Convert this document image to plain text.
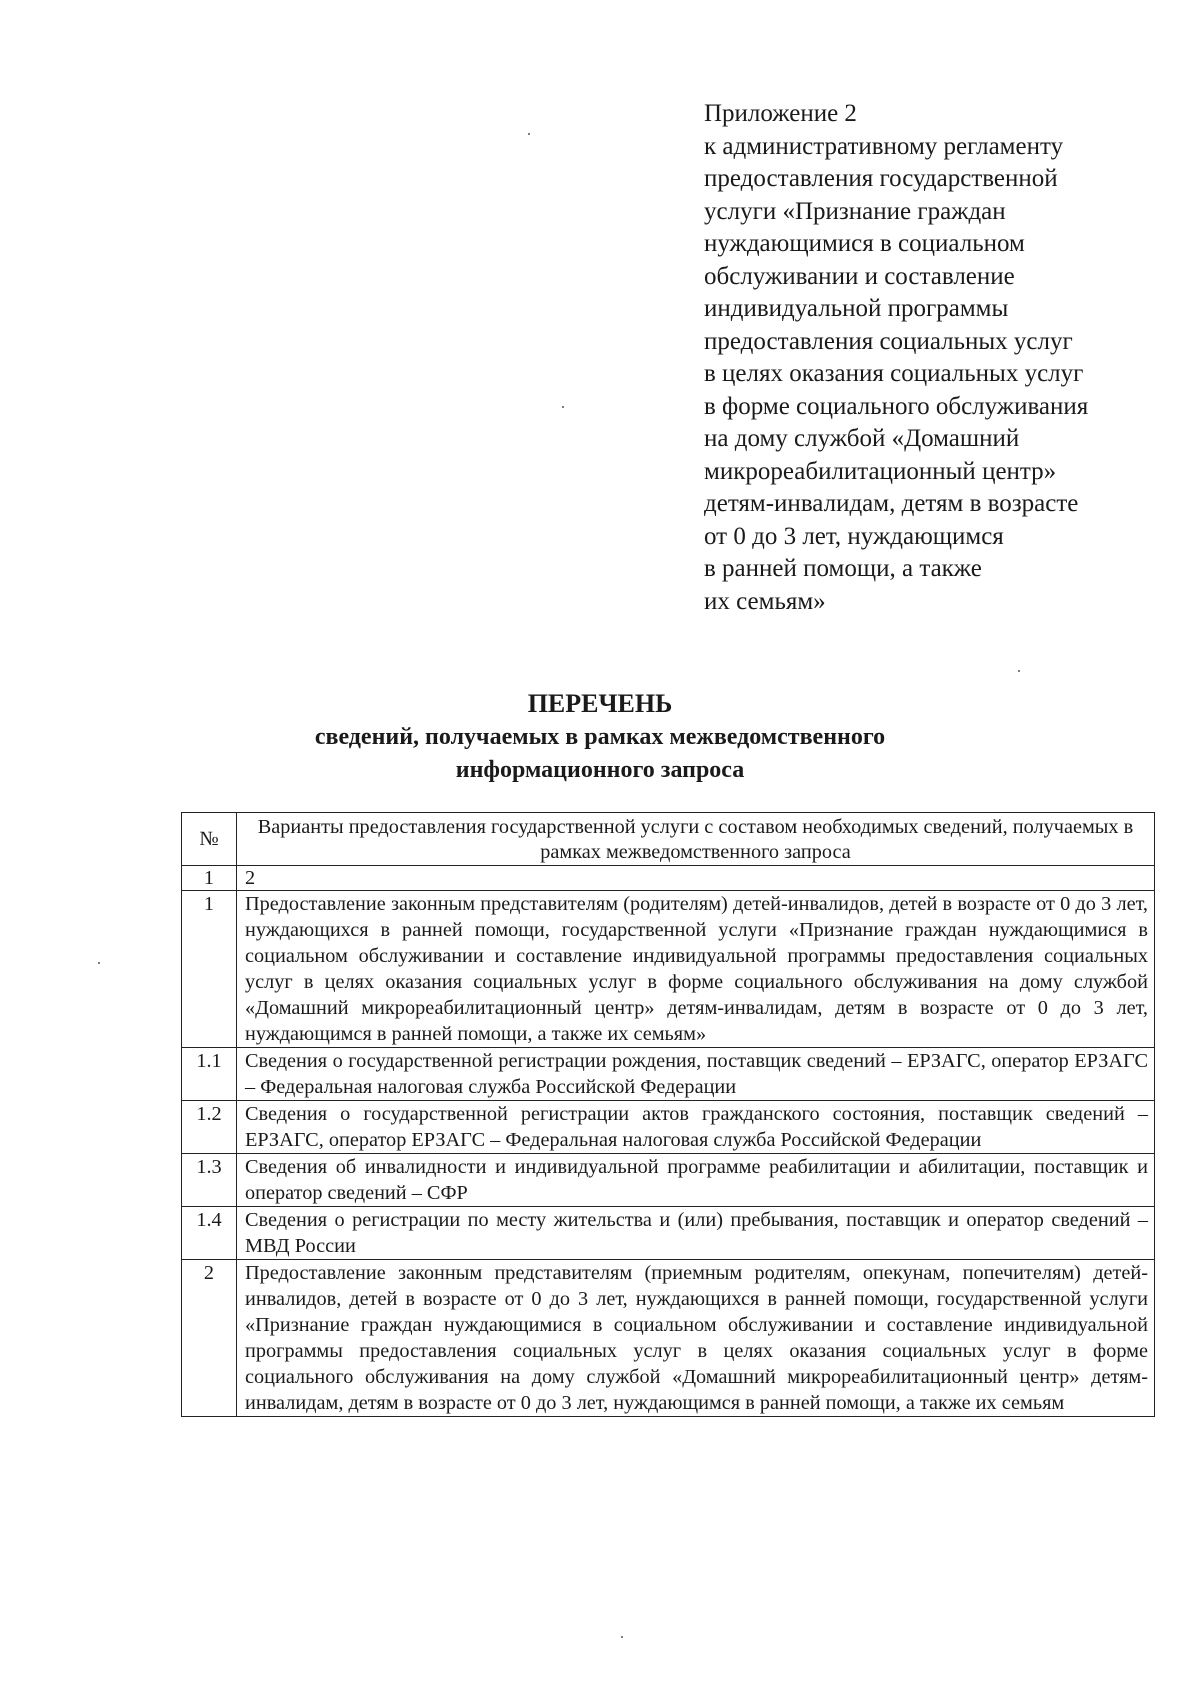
Приложение 2
к административному регламенту
предоставления государственной
услуги «Признание граждан
нуждающимися в социальном
обслуживании и составление
индивидуальной программы
предоставления социальных услуг
в целях оказания социальных услуг
в форме социального обслуживания
на дому службой «Домашний
микрореабилитационный центр»
детям-инвалидам, детям в возрасте
от 0 до 3 лет, нуждающимся
в ранней помощи, а также
их семьям»
ПЕРЕЧЕНЬ
сведений, получаемых в рамках межведомственного
информационного запроса
№	Варианты предоставления государственной услуги с составом необходимых сведений, получаемых в рамках межведомственного запроса
1	2
1	Предоставление законным представителям (родителям) детей-инвалидов, детей в возрасте от 0 до 3 лет, нуждающихся в ранней помощи, государственной услуги «Признание граждан нуждающимися в социальном обслуживании и составление индивидуальной программы предоставления социальных услуг в целях оказания социальных услуг в форме социального обслуживания на дому службой «Домашний микрореабилитационный центр» детям-инвалидам, детям в возрасте от 0 до 3 лет, нуждающимся в ранней помощи, а также их семьям»
1.1	Сведения о государственной регистрации рождения, поставщик сведений – ЕРЗАГС, оператор ЕРЗАГС – Федеральная налоговая служба Российской Федерации
1.2	Сведения о государственной регистрации актов гражданского состояния, поставщик сведений – ЕРЗАГС, оператор ЕРЗАГС – Федеральная налоговая служба Российской Федерации
1.3	Сведения об инвалидности и индивидуальной программе реабилитации и абилитации, поставщик и оператор сведений – СФР
1.4	Сведения о регистрации по месту жительства и (или) пребывания, поставщик и оператор сведений – МВД России
2	Предоставление законным представителям (приемным родителям, опекунам, попечителям) детей-инвалидов, детей в возрасте от 0 до 3 лет, нуждающихся в ранней помощи, государственной услуги «Признание граждан нуждающимися в социальном обслуживании и составление индивидуальной программы предоставления социальных услуг в целях оказания социальных услуг в форме социального обслуживания на дому службой «Домашний микрореабилитационный центр» детям-инвалидам, детям в возрасте от 0 до 3 лет, нуждающимся в ранней помощи, а также их семьям
